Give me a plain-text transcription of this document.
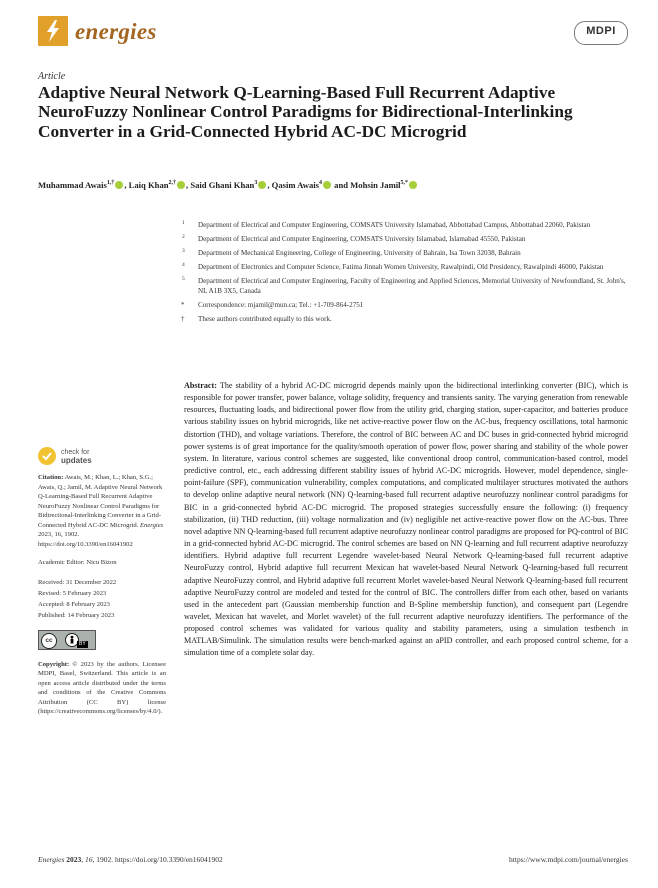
energies	MDPI
Article
Adaptive Neural Network Q-Learning-Based Full Recurrent Adaptive NeuroFuzzy Nonlinear Control Paradigms for Bidirectional-Interlinking Converter in a Grid-Connected Hybrid AC-DC Microgrid
Muhammad Awais$^{1,\dagger}$ , Laiq Khan$^{2,\dagger}$ , Said Ghani Khan$^3$ , Qasim Awais$^4$ and Mohsin Jamil$^{5,*}$
1 Department of Electrical and Computer Engineering, COMSATS University Islamabad, Abbottabad Campus, Abbottabad 22060, Pakistan
2 Department of Electrical and Computer Engineering, COMSATS University Islamabad, Islamabad 45550, Pakistan
3 Department of Mechanical Engineering, College of Engineering, University of Bahrain, Isa Town 32038, Bahrain
4 Department of Electronics and Computer Science, Fatima Jinnah Women University, Rawalpindi, Old Presidency, Rawalpindi 46000, Pakistan
5 Department of Electrical and Computer Engineering, Faculty of Engineering and Applied Sciences, Memorial University of Newfoundland, St. John's, NL A1B 3X5, Canada
* Correspondence: mjamil@mun.ca; Tel.: +1-709-864-2751
† These authors contributed equally to this work.
check for
updates
Citation: Awais, M.; Khan, L.; Khan, S.G.; Awais, Q.; Jamil, M. Adaptive Neural Network Q-Learning-Based Full Recurrent Adaptive NeuroFuzzy Nonlinear Control Paradigms for Bidirectional-Interlinking Converter in a Grid-Connected Hybrid AC-DC Microgrid. Energies 2023, 16, 1902. https://doi.org/10.3390/en16041902
Academic Editor: Nicu Bizon
Received: 31 December 2022
Revised: 5 February 2023
Accepted: 8 February 2023
Published: 14 February 2023
cc	BY
Copyright: © 2023 by the authors. Licensee MDPI, Basel, Switzerland. This article is an open access article distributed under the terms and conditions of the Creative Commons Attribution (CC BY) license (https://creativecommons.org/licenses/by/4.0/).

Abstract: The stability of a hybrid AC-DC microgrid depends mainly upon the bidirectional interlinking converter (BIC), which is responsible for power transfer, power balance, voltage solidity, frequency and transients sanity. The varying generation from renewable resources, fluctuating loads, and bidirectional power flow from the utility grid, charging station, super-capacitor, and batteries produce various stability issues on hybrid microgrids, like net active-reactive power flow on the AC-bus, frequency oscillations, total harmonic distortion (THD), and voltage variations. Therefore, the control of BIC between AC and DC buses in grid-connected hybrid microgrid power systems is of great importance for the quality/smooth operation of power flow, power sharing and stability of the whole power system. In literature, various control schemes are suggested, like conventional droop control, communication-based control, model predictive control, etc., each addressing different stability issues of hybrid AC-DC microgrids. However, model dependence, single-point-failure (SPF), communication vulnerability, complex computations, and complicated multilayer structures motivated the authors to develop online adaptive neural network (NN) Q-learning-based full recurrent adaptive neurofuzzy nonlinear control paradigms for BIC in a grid-connected hybrid AC-DC microgrid. The proposed strategies successfully ensure the following: (i) frequency stabilization, (ii) THD reduction, (iii) voltage normalization and (iv) negligible net active-reactive power flow on the AC-bus. Three novel adaptive NN Q-learning-based full recurrent adaptive neurofuzzy nonlinear control paradigms are proposed for PQ-control of BIC in a grid-connected hybrid AC-DC microgrid. The control schemes are based on NN Q-learning and full recurrent adaptive neurofuzzy identifiers. Hybrid adaptive full recurrent Legendre wavelet-based Neural Network Q-learning-based full recurrent adaptive NeuroFuzzy control, Hybrid adaptive full recurrent Mexican hat wavelet-based Neural Network Q-learning-based full recurrent adaptive NeuroFuzzy control, and Hybrid adaptive full recurrent Morlet wavelet-based Neural Network Q-learning-based full recurrent adaptive NeuroFuzzy control are modeled and tested for the control of BIC. The controllers differ from each other, based on variants used in the antecedent part (Gaussian membership function and B-Spline membership function), and consequent part (Legendre wavelet, Mexican hat wavelet, and Morlet wavelet) of the full recurrent adaptive neurofuzzy identifiers. The performance of the proposed control schemes was validated for various quality and stability parameters, using a simulation testbench in MATLAB/Simulink. The simulation results were bench-marked against an aPID controller, and each proposed control scheme, for a simulation time of a complete solar day.

Energies 2023, 16, 1902. https://doi.org/10.3390/en16041902	https://www.mdpi.com/journal/energies
